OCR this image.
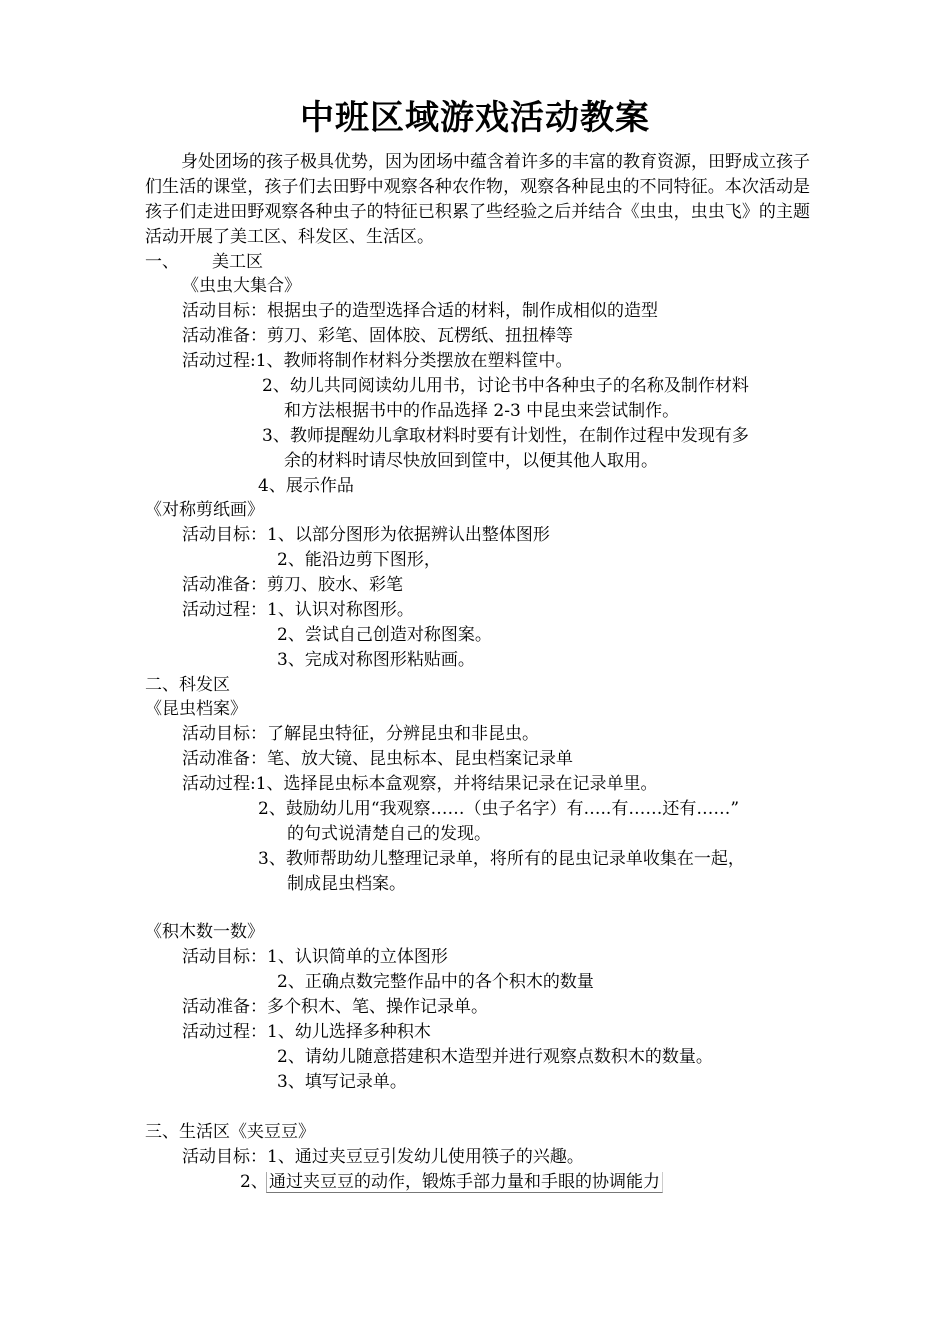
中班区域游戏活动教案
身处团场的孩子极具优势，因为团场中蕴含着许多的丰富的教育资源，田野成立孩子们生活的课堂，孩子们去田野中观察各种农作物，观察各种昆虫的不同特征。本次活动是孩子们走进田野观察各种虫子的特征已积累了些经验之后并结合《虫虫，虫虫飞》的主题活动开展了美工区、科发区、生活区。
一、 美工区
《虫虫大集合》
活动目标：根据虫子的造型选择合适的材料，制作成相似的造型
活动准备：剪刀、彩笔、固体胶、瓦楞纸、扭扭棒等
活动过程:1、教师将制作材料分类摆放在塑料筐中。
2、幼儿共同阅读幼儿用书，讨论书中各种虫子的名称及制作材料
和方法根据书中的作品选择 2-3 中昆虫来尝试制作。
3、教师提醒幼儿拿取材料时要有计划性，在制作过程中发现有多
余的材料时请尽快放回到筐中，以便其他人取用。
4、展示作品
《对称剪纸画》
活动目标：1、以部分图形为依据辨认出整体图形
2、能沿边剪下图形，
活动准备：剪刀、胶水、彩笔
活动过程：1、认识对称图形。
2、尝试自己创造对称图案。
3、完成对称图形粘贴画。
二、科发区
《昆虫档案》
活动目标：了解昆虫特征，分辨昆虫和非昆虫。
活动准备：笔、放大镜、昆虫标本、昆虫档案记录单
活动过程:1、选择昆虫标本盒观察，并将结果记录在记录单里。
2、鼓励幼儿用“我观察……（虫子名字）有…..有……还有……”
的句式说清楚自己的发现。
3、教师帮助幼儿整理记录单，将所有的昆虫记录单收集在一起，
制成昆虫档案。
《积木数一数》
活动目标：1、认识简单的立体图形
2、正确点数完整作品中的各个积木的数量
活动准备：多个积木、笔、操作记录单。
活动过程：1、幼儿选择多种积木
2、请幼儿随意搭建积木造型并进行观察点数积木的数量。
3、填写记录单。
三、生活区《夹豆豆》
活动目标：1、通过夹豆豆引发幼儿使用筷子的兴趣。
2、 通过夹豆豆的动作，锻炼手部力量和手眼的协调能力
